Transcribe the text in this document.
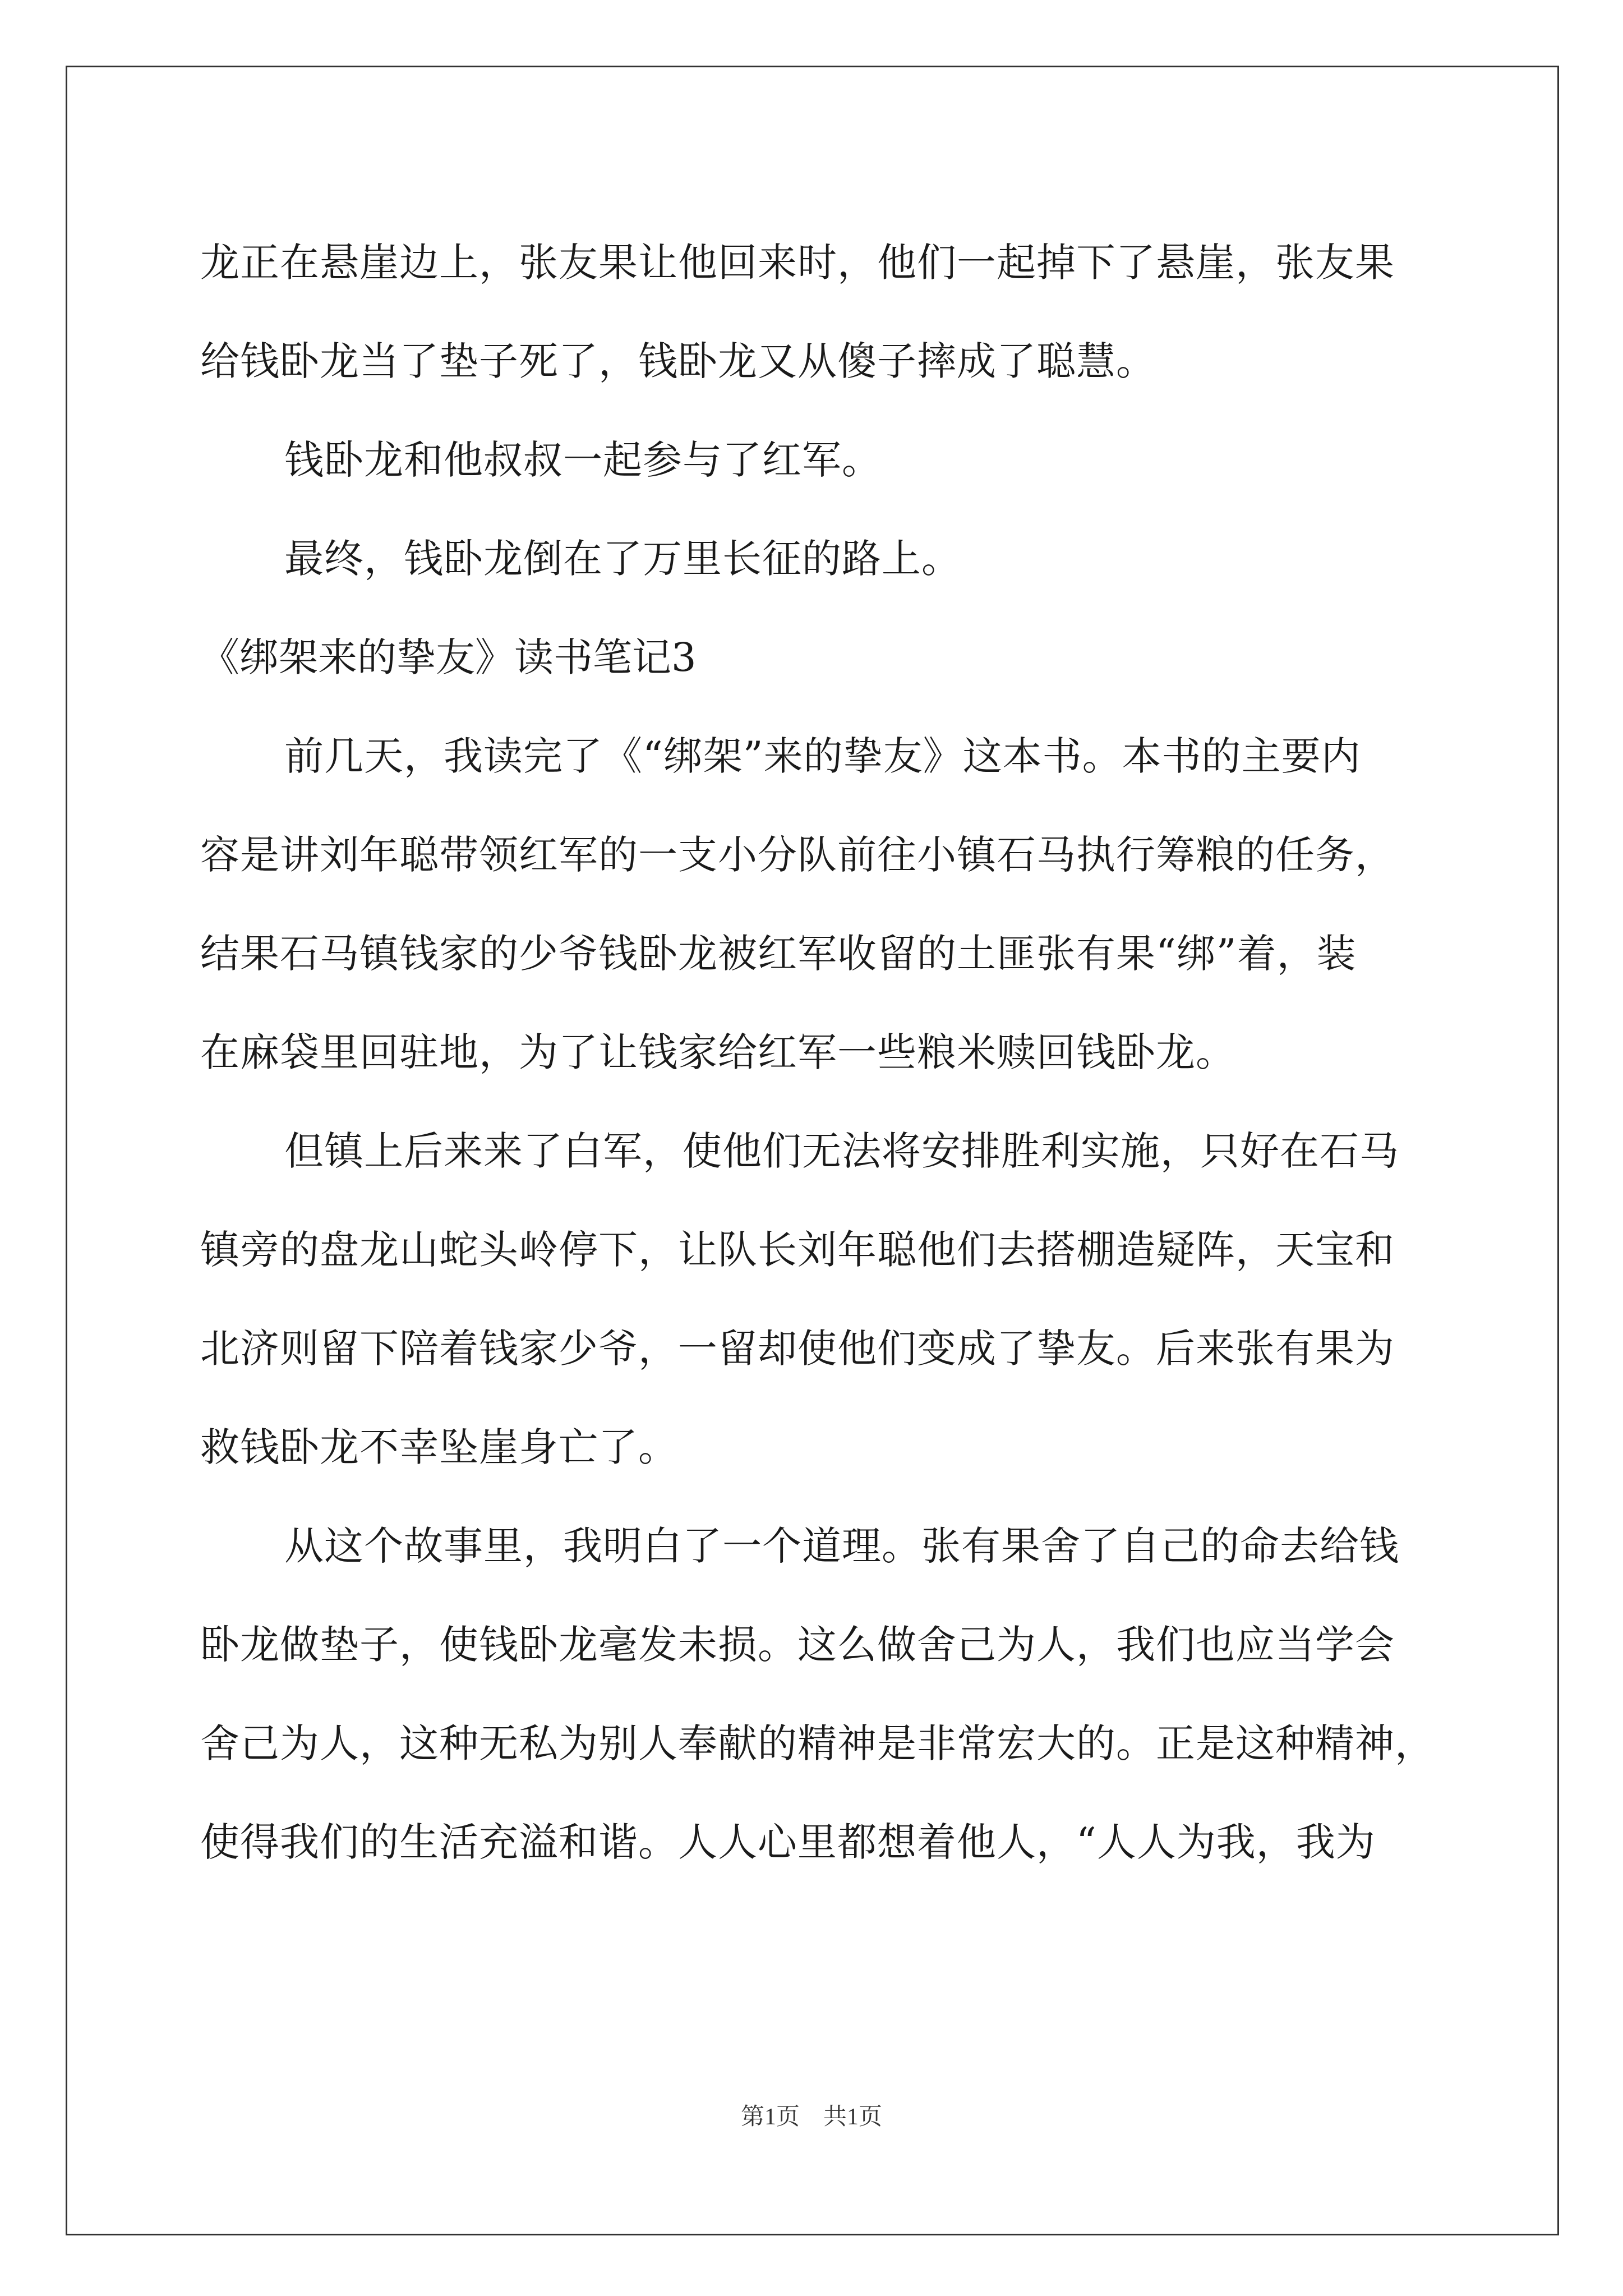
龙正在悬崖边上，张友果让他回来时，他们一起掉下了悬崖，张友果

给钱卧龙当了垫子死了，钱卧龙又从傻子摔成了聪慧。

钱卧龙和他叔叔一起参与了红军。

最终，钱卧龙倒在了万里长征的路上。

《绑架来的挚友》读书笔记3

前几天，我读完了《“绑架”来的挚友》这本书。本书的主要内

容是讲刘年聪带领红军的一支小分队前往小镇石马执行筹粮的任务，

结果石马镇钱家的少爷钱卧龙被红军收留的土匪张有果“绑”着，装

在麻袋里回驻地，为了让钱家给红军一些粮米赎回钱卧龙。

但镇上后来来了白军，使他们无法将安排胜利实施，只好在石马

镇旁的盘龙山蛇头岭停下，让队长刘年聪他们去搭棚造疑阵，天宝和

北济则留下陪着钱家少爷，一留却使他们变成了挚友。后来张有果为

救钱卧龙不幸坠崖身亡了。

从这个故事里，我明白了一个道理。张有果舍了自己的命去给钱

卧龙做垫子，使钱卧龙毫发未损。这么做舍己为人，我们也应当学会

舍己为人，这种无私为别人奉献的精神是非常宏大的。正是这种精神，

使得我们的生活充溢和谐。人人心里都想着他人，“人人为我，我为

第1页　共1页
